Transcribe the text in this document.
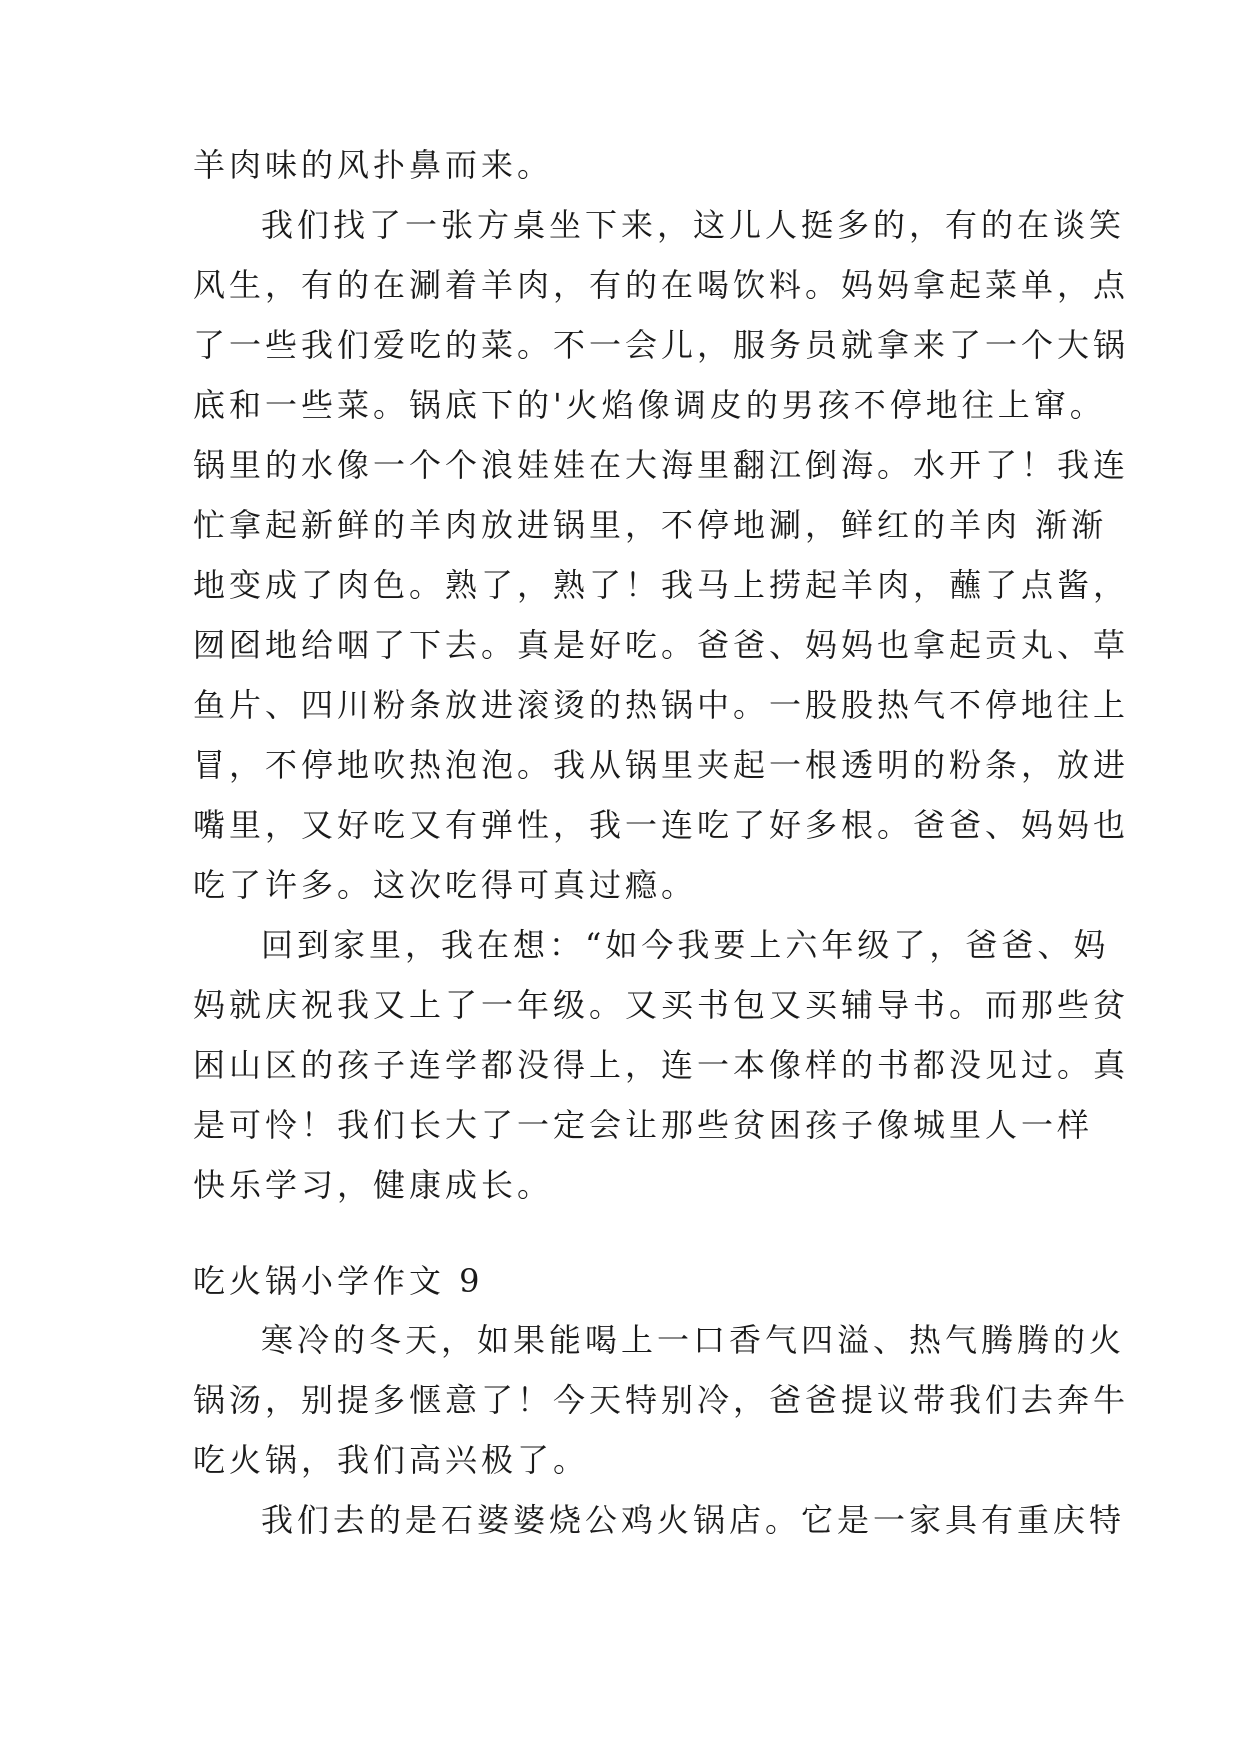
羊肉味的风扑鼻而来。
我们找了一张方桌坐下来，这儿人挺多的，有的在谈笑
风生，有的在涮着羊肉，有的在喝饮料。妈妈拿起菜单，点
了一些我们爱吃的菜。不一会儿，服务员就拿来了一个大锅
底和一些菜。锅底下的'火焰像调皮的男孩不停地往上窜。
锅里的水像一个个浪娃娃在大海里翻江倒海。水开了！我连
忙拿起新鲜的羊肉放进锅里，不停地涮，鲜红的羊肉 渐渐
地变成了肉色。熟了，熟了！我马上捞起羊肉，蘸了点酱，
囫囵地给咽了下去。真是好吃。爸爸、妈妈也拿起贡丸、草
鱼片、四川粉条放进滚烫的热锅中。一股股热气不停地往上
冒，不停地吹热泡泡。我从锅里夹起一根透明的粉条，放进
嘴里，又好吃又有弹性，我一连吃了好多根。爸爸、妈妈也
吃了许多。这次吃得可真过瘾。
回到家里，我在想：“如今我要上六年级了，爸爸、妈
妈就庆祝我又上了一年级。又买书包又买辅导书。而那些贫
困山区的孩子连学都没得上，连一本像样的书都没见过。真
是可怜！我们长大了一定会让那些贫困孩子像城里人一样
快乐学习，健康成长。
吃火锅小学作文 9
寒冷的冬天，如果能喝上一口香气四溢、热气腾腾的火
锅汤，别提多惬意了！今天特别冷，爸爸提议带我们去奔牛
吃火锅，我们高兴极了。
我们去的是石婆婆烧公鸡火锅店。它是一家具有重庆特
